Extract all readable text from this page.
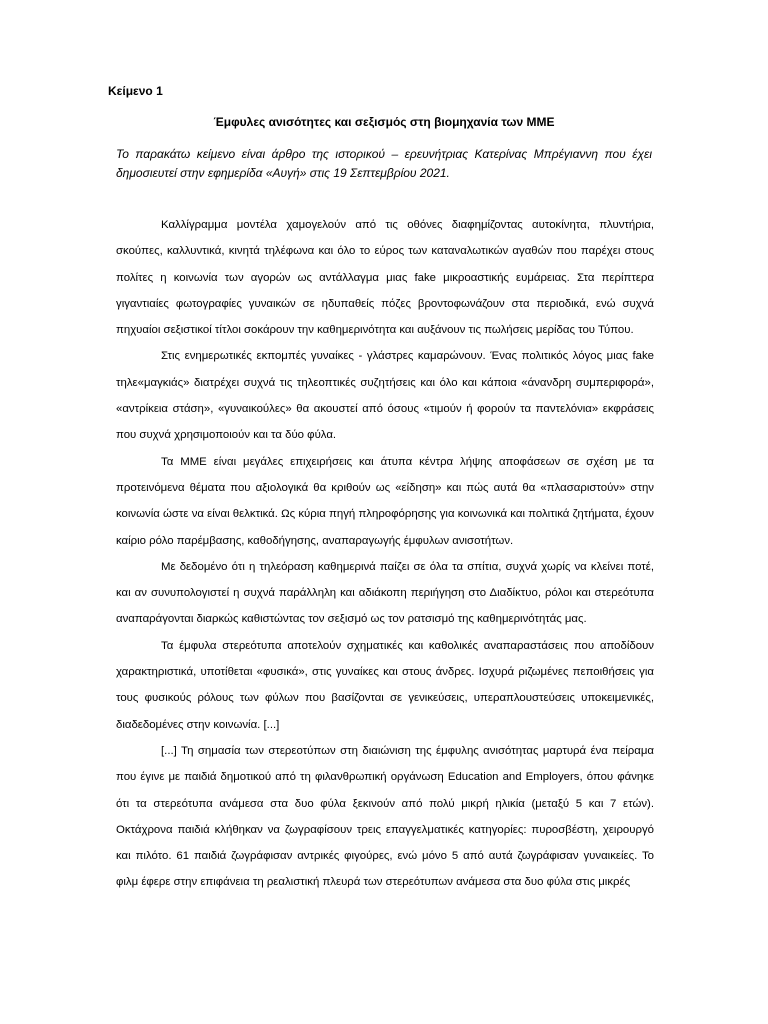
Κείμενο 1
Έμφυλες ανισότητες και σεξισμός στη βιομηχανία των ΜΜΕ
Το παρακάτω κείμενο είναι άρθρο της ιστορικού – ερευνήτριας Κατερίνας Μπρέγιαννη που έχει δημοσιευτεί στην εφημερίδα «Αυγή» στις 19 Σεπτεμβρίου 2021.

Καλλίγραμμα μοντέλα χαμογελούν από τις οθόνες διαφημίζοντας αυτοκίνητα, πλυντήρια, σκούπες, καλλυντικά, κινητά τηλέφωνα και όλο το εύρος των καταναλωτικών αγαθών που παρέχει στους πολίτες η κοινωνία των αγορών ως αντάλλαγμα μιας fake μικροαστικής ευμάρειας. Στα περίπτερα γιγαντιαίες φωτογραφίες γυναικών σε ηδυπαθείς πόζες βροντοφωνάζουν στα περιοδικά, ενώ συχνά πηχυαίοι σεξιστικοί τίτλοι σοκάρουν την καθημερινότητα και αυξάνουν τις πωλήσεις μερίδας του Τύπου.

Στις ενημερωτικές εκπομπές γυναίκες - γλάστρες καμαρώνουν. Ένας πολιτικός λόγος μιας fake τηλε«μαγκιάς» διατρέχει συχνά τις τηλεοπτικές συζητήσεις και όλο και κάποια «άνανδρη συμπεριφορά», «αντρίκεια στάση», «γυναικούλες» θα ακουστεί από όσους «τιμούν ή φορούν τα παντελόνια» εκφράσεις που συχνά χρησιμοποιούν και τα δύο φύλα.

Τα ΜΜΕ είναι μεγάλες επιχειρήσεις και άτυπα κέντρα λήψης αποφάσεων σε σχέση με τα προτεινόμενα θέματα που αξιολογικά θα κριθούν ως «είδηση» και πώς αυτά θα «πλασαριστούν» στην κοινωνία ώστε να είναι θελκτικά. Ως κύρια πηγή πληροφόρησης για κοινωνικά και πολιτικά ζητήματα, έχουν καίριο ρόλο παρέμβασης, καθοδήγησης, αναπαραγωγής έμφυλων ανισοτήτων.

Με δεδομένο ότι η τηλεόραση καθημερινά παίζει σε όλα τα σπίτια, συχνά χωρίς να κλείνει ποτέ, και αν συνυπολογιστεί η συχνά παράλληλη και αδιάκοπη περιήγηση στο Διαδίκτυο, ρόλοι και στερεότυπα αναπαράγονται διαρκώς καθιστώντας τον σεξισμό ως τον ρατσισμό της καθημερινότητάς μας.

Τα έμφυλα στερεότυπα αποτελούν σχηματικές και καθολικές αναπαραστάσεις που αποδίδουν χαρακτηριστικά, υποτίθεται «φυσικά», στις γυναίκες και στους άνδρες. Ισχυρά ριζωμένες πεποιθήσεις για τους φυσικούς ρόλους των φύλων που βασίζονται σε γενικεύσεις, υπεραπλουστεύσεις υποκειμενικές, διαδεδομένες στην κοινωνία. [...]

[...] Τη σημασία των στερεοτύπων στη διαιώνιση της έμφυλης ανισότητας μαρτυρά ένα πείραμα που έγινε με παιδιά δημοτικού από τη φιλανθρωπική οργάνωση Education and Employers, όπου φάνηκε ότι τα στερεότυπα ανάμεσα στα δυο φύλα ξεκινούν από πολύ μικρή ηλικία (μεταξύ 5 και 7 ετών). Οκτάχρονα παιδιά κλήθηκαν να ζωγραφίσουν τρεις επαγγελματικές κατηγορίες: πυροσβέστη, χειρουργό και πιλότο. 61 παιδιά ζωγράφισαν αντρικές φιγούρες, ενώ μόνο 5 από αυτά ζωγράφισαν γυναικείες. Το φιλμ έφερε στην επιφάνεια τη ρεαλιστική πλευρά των στερεότυπων ανάμεσα στα δυο φύλα στις μικρές
